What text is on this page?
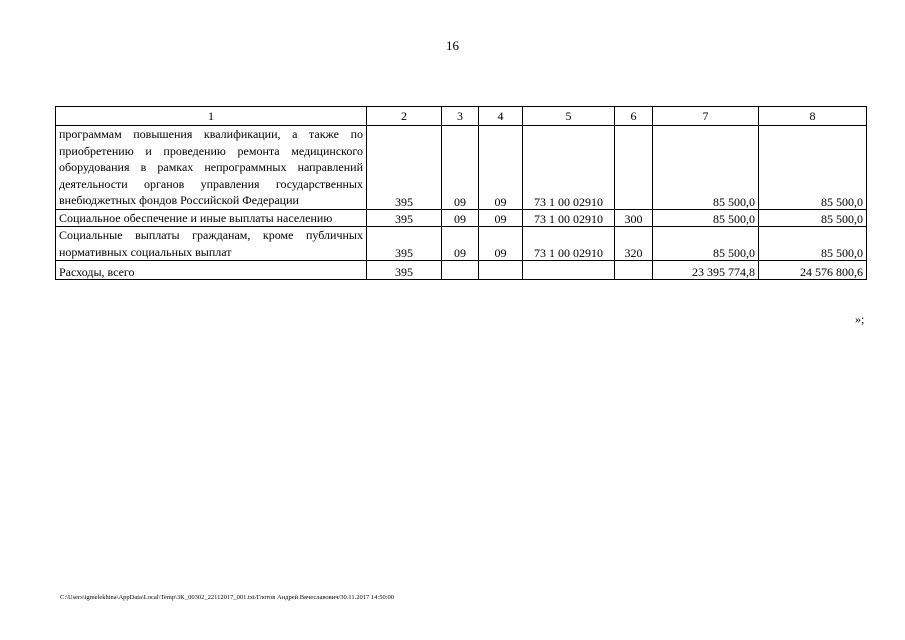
16
1	2	3	4	5	6	7	8
программам повышения квалификации, а также по приобретению и проведению ремонта медицинского оборудования в рамках непрограммных направлений деятельности органов управления государственных внебюджетных фондов Российской Федерации	395	09	09	73 1 00 02910		85 500,0	85 500,0
Социальное обеспечение и иные выплаты населению	395	09	09	73 1 00 02910	300	85 500,0	85 500,0
Социальные выплаты гражданам, кроме публичных нормативных социальных выплат	395	09	09	73 1 00 02910	320	85 500,0	85 500,0
Расходы, всего	395					23 395 774,8	24 576 800,6
»;
C:\Users\igmelekhina\AppData\Local\Temp\3K_00302_22112017_001.txt/Глотов Андрей Вячеславович/30.11.2017 14:50:00
